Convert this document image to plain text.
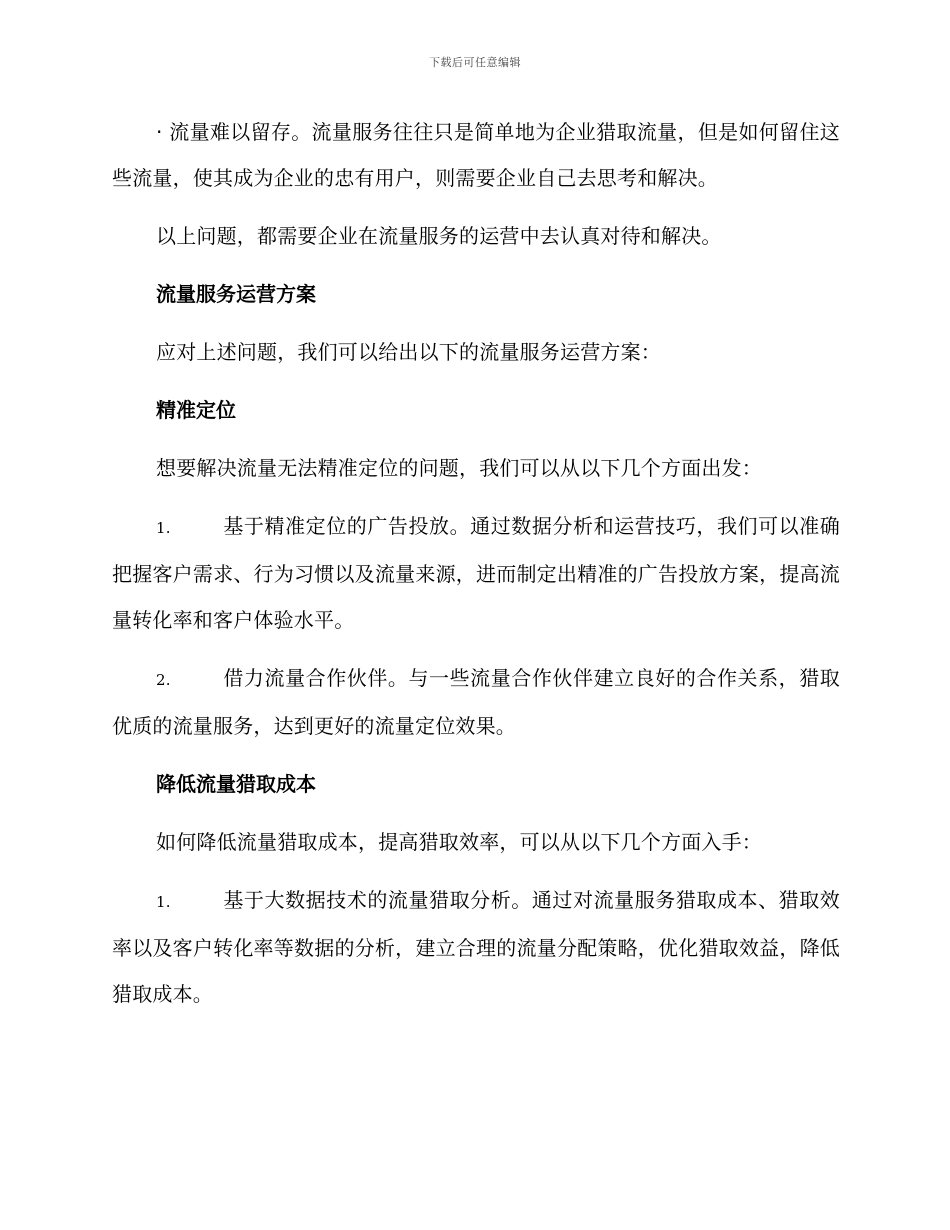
下载后可任意编辑

· 流量难以留存。流量服务往往只是简单地为企业猎取流量，但是如何留住这些流量，使其成为企业的忠有用户，则需要企业自己去思考和解决。

以上问题，都需要企业在流量服务的运营中去认真对待和解决。

流量服务运营方案

应对上述问题，我们可以给出以下的流量服务运营方案：

精准定位

想要解决流量无法精准定位的问题，我们可以从以下几个方面出发：

1.	基于精准定位的广告投放。通过数据分析和运营技巧，我们可以准确把握客户需求、行为习惯以及流量来源，进而制定出精准的广告投放方案，提高流量转化率和客户体验水平。

2.	借力流量合作伙伴。与一些流量合作伙伴建立良好的合作关系，猎取优质的流量服务，达到更好的流量定位效果。

降低流量猎取成本

如何降低流量猎取成本，提高猎取效率，可以从以下几个方面入手：

1.	基于大数据技术的流量猎取分析。通过对流量服务猎取成本、猎取效率以及客户转化率等数据的分析，建立合理的流量分配策略，优化猎取效益，降低猎取成本。
